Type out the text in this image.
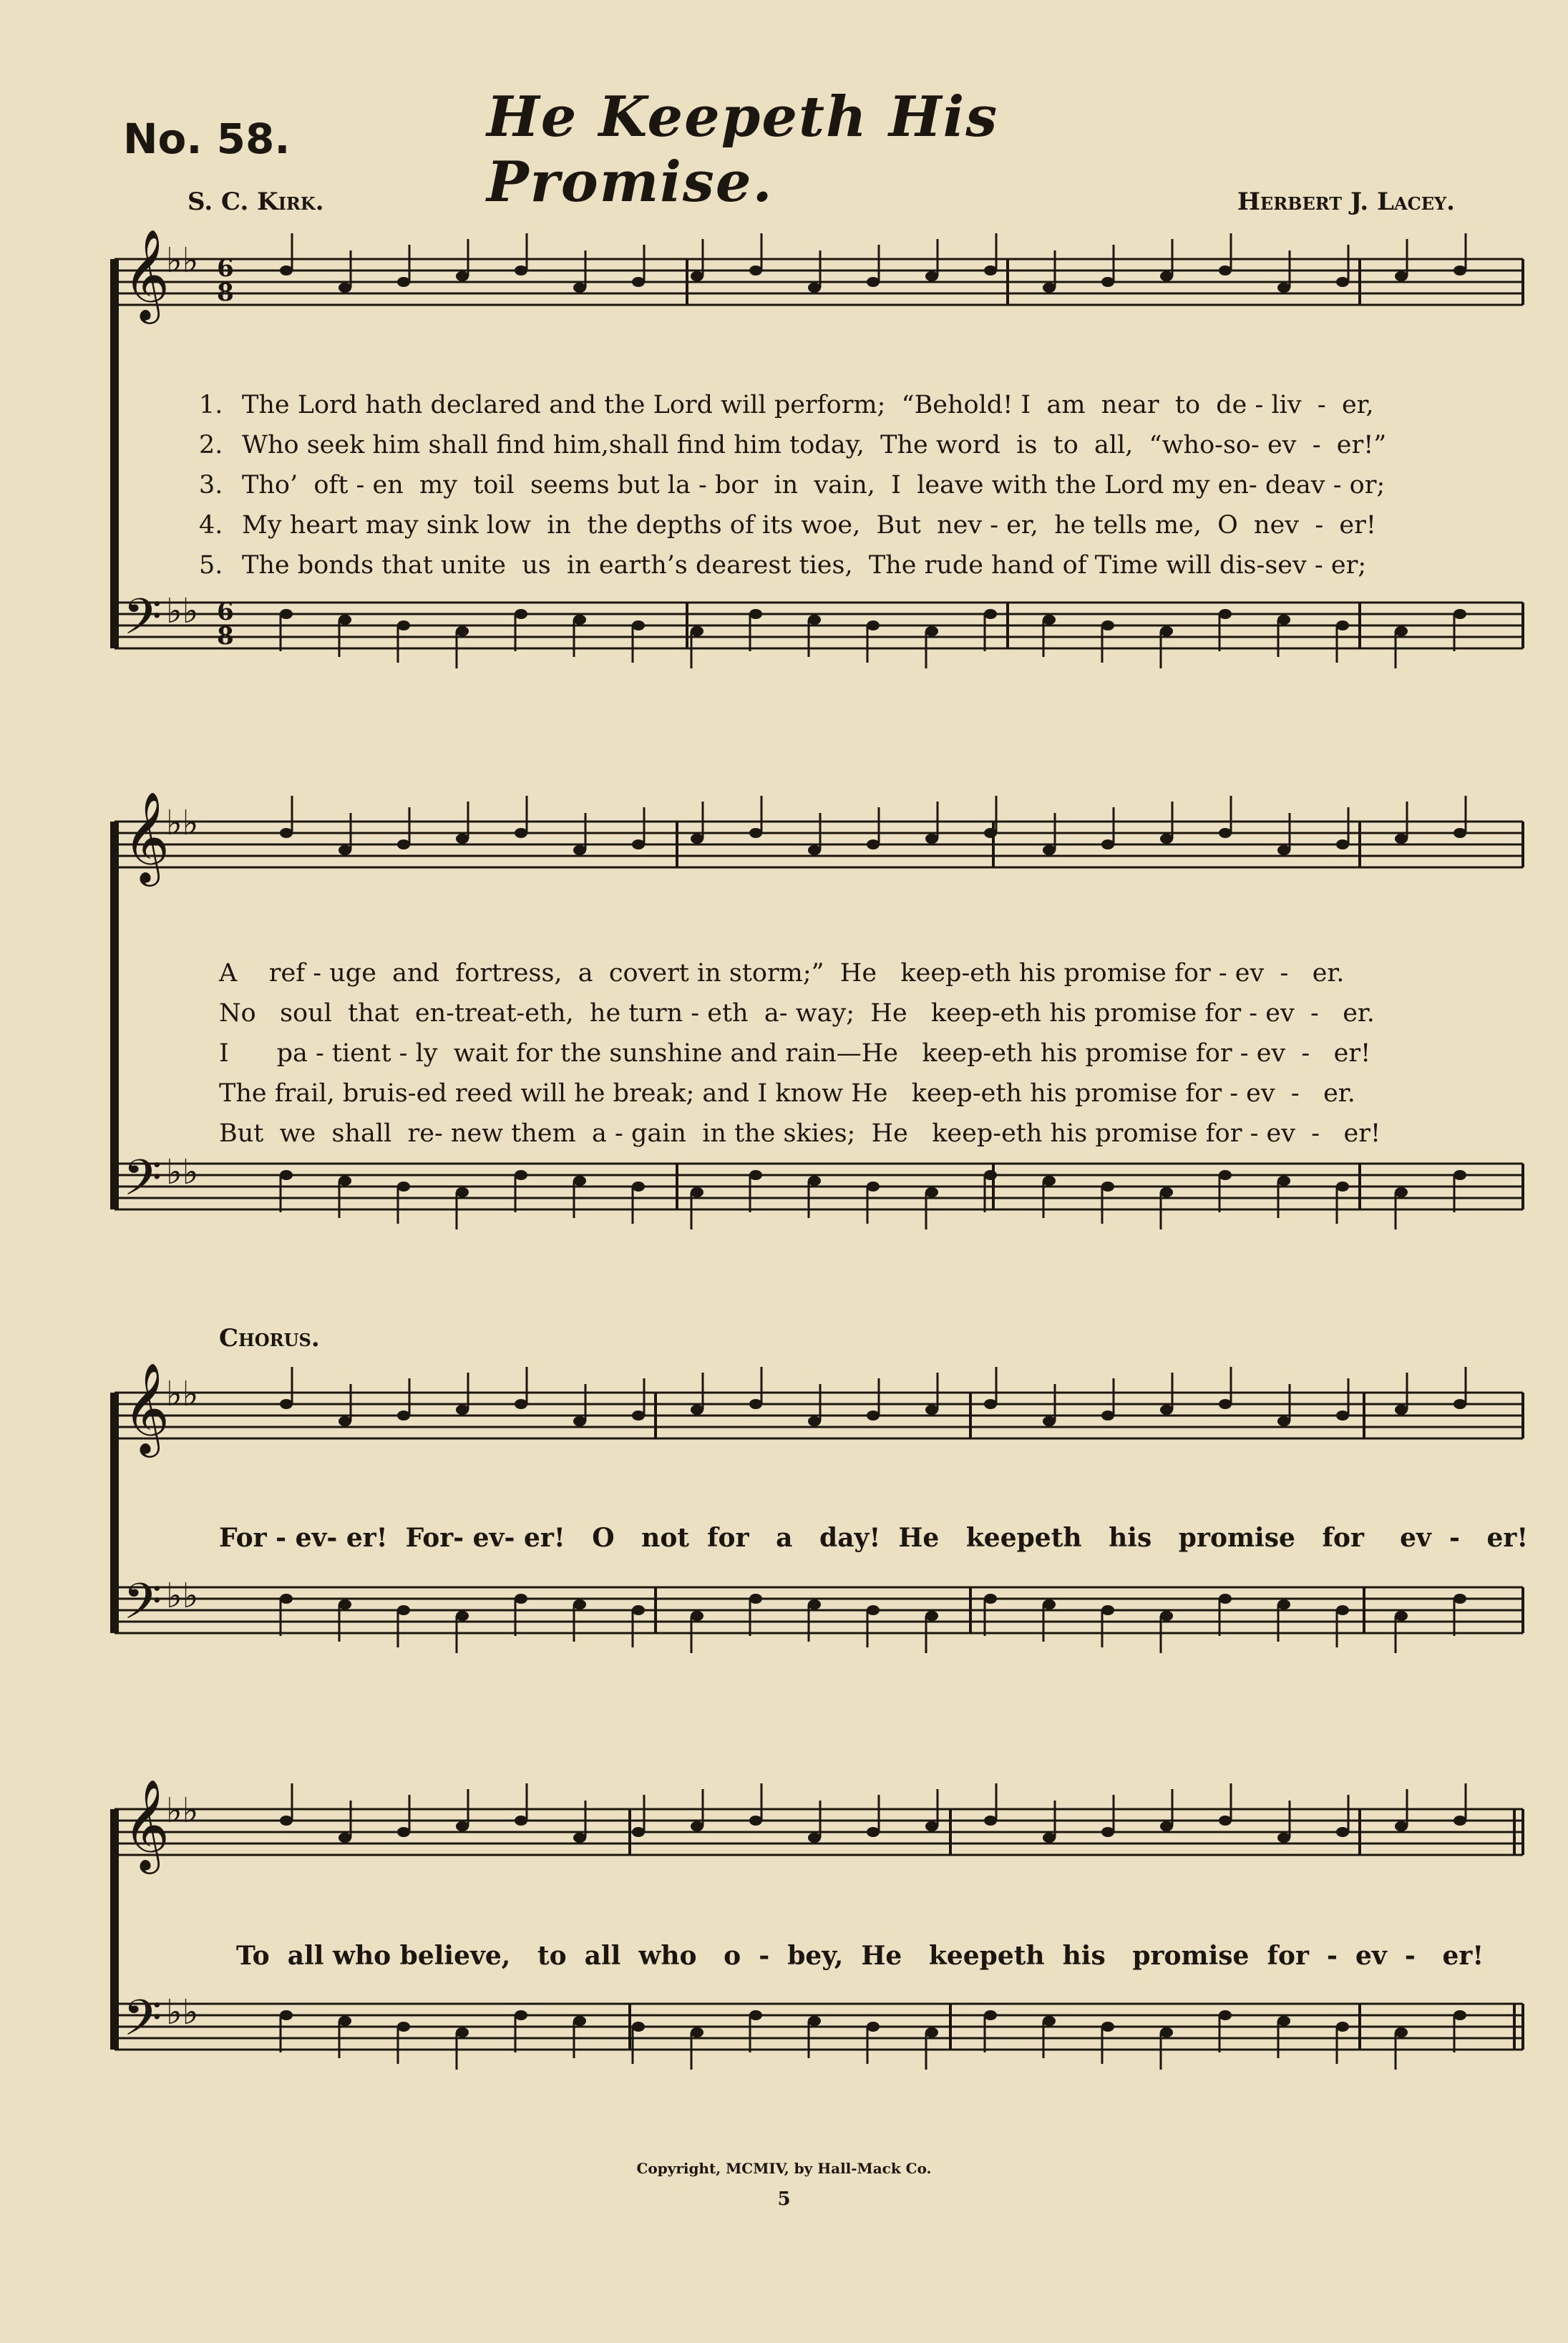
No. 58.	He Keepeth His Promise.
S. C. Kirk.	Herbert J. Lacey.
𝄞
𝄢
♭♭
♭♭
6
8
6
8
𝄞
𝄢
♭♭
♭♭
𝄞
𝄢
♭♭
♭♭
𝄞
𝄢
♭♭
♭♭
1. The Lord hath declared and the Lord will perform; “Behold! I  am  near  to  de - liv  -  er,
2. Who seek him shall find him,shall find him today, The word  is  to  all,  “who-so- ev  -  er!”
3. Tho’  oft - en  my  toil  seems but la - bor  in  vain, I  leave with the Lord my en- deav - or;
4. My heart may sink low  in  the depths of its woe, But  nev - er,  he tells me,  O  nev  -  er!
5. The bonds that unite  us  in earth’s dearest ties, The rude hand of Time will dis-sev - er;
A    ref - uge  and  fortress,  a  covert in storm;”  He   keep-eth his promise for - ev  -   er.
No   soul  that  en-treat-eth,  he turn - eth  a- way;  He   keep-eth his promise for - ev  -   er.
I      pa - tient - ly  wait for the sunshine and rain—He   keep-eth his promise for - ev  -   er!
The frail, bruis-ed reed will he break; and I know He   keep-eth his promise for - ev  -   er.
But  we  shall  re- new them  a - gain  in the skies;  He   keep-eth his promise for - ev  -   er!
Chorus.
For - ev- er!  For- ev- er!   O   not  for   a   day!  He   keepeth   his   promise   for    ev  -   er!
To  all who believe,   to  all  who   o  -  bey,  He   keepeth  his   promise  for  -  ev  -   er!
Copyright, MCMIV, by Hall-Mack Co.
5
